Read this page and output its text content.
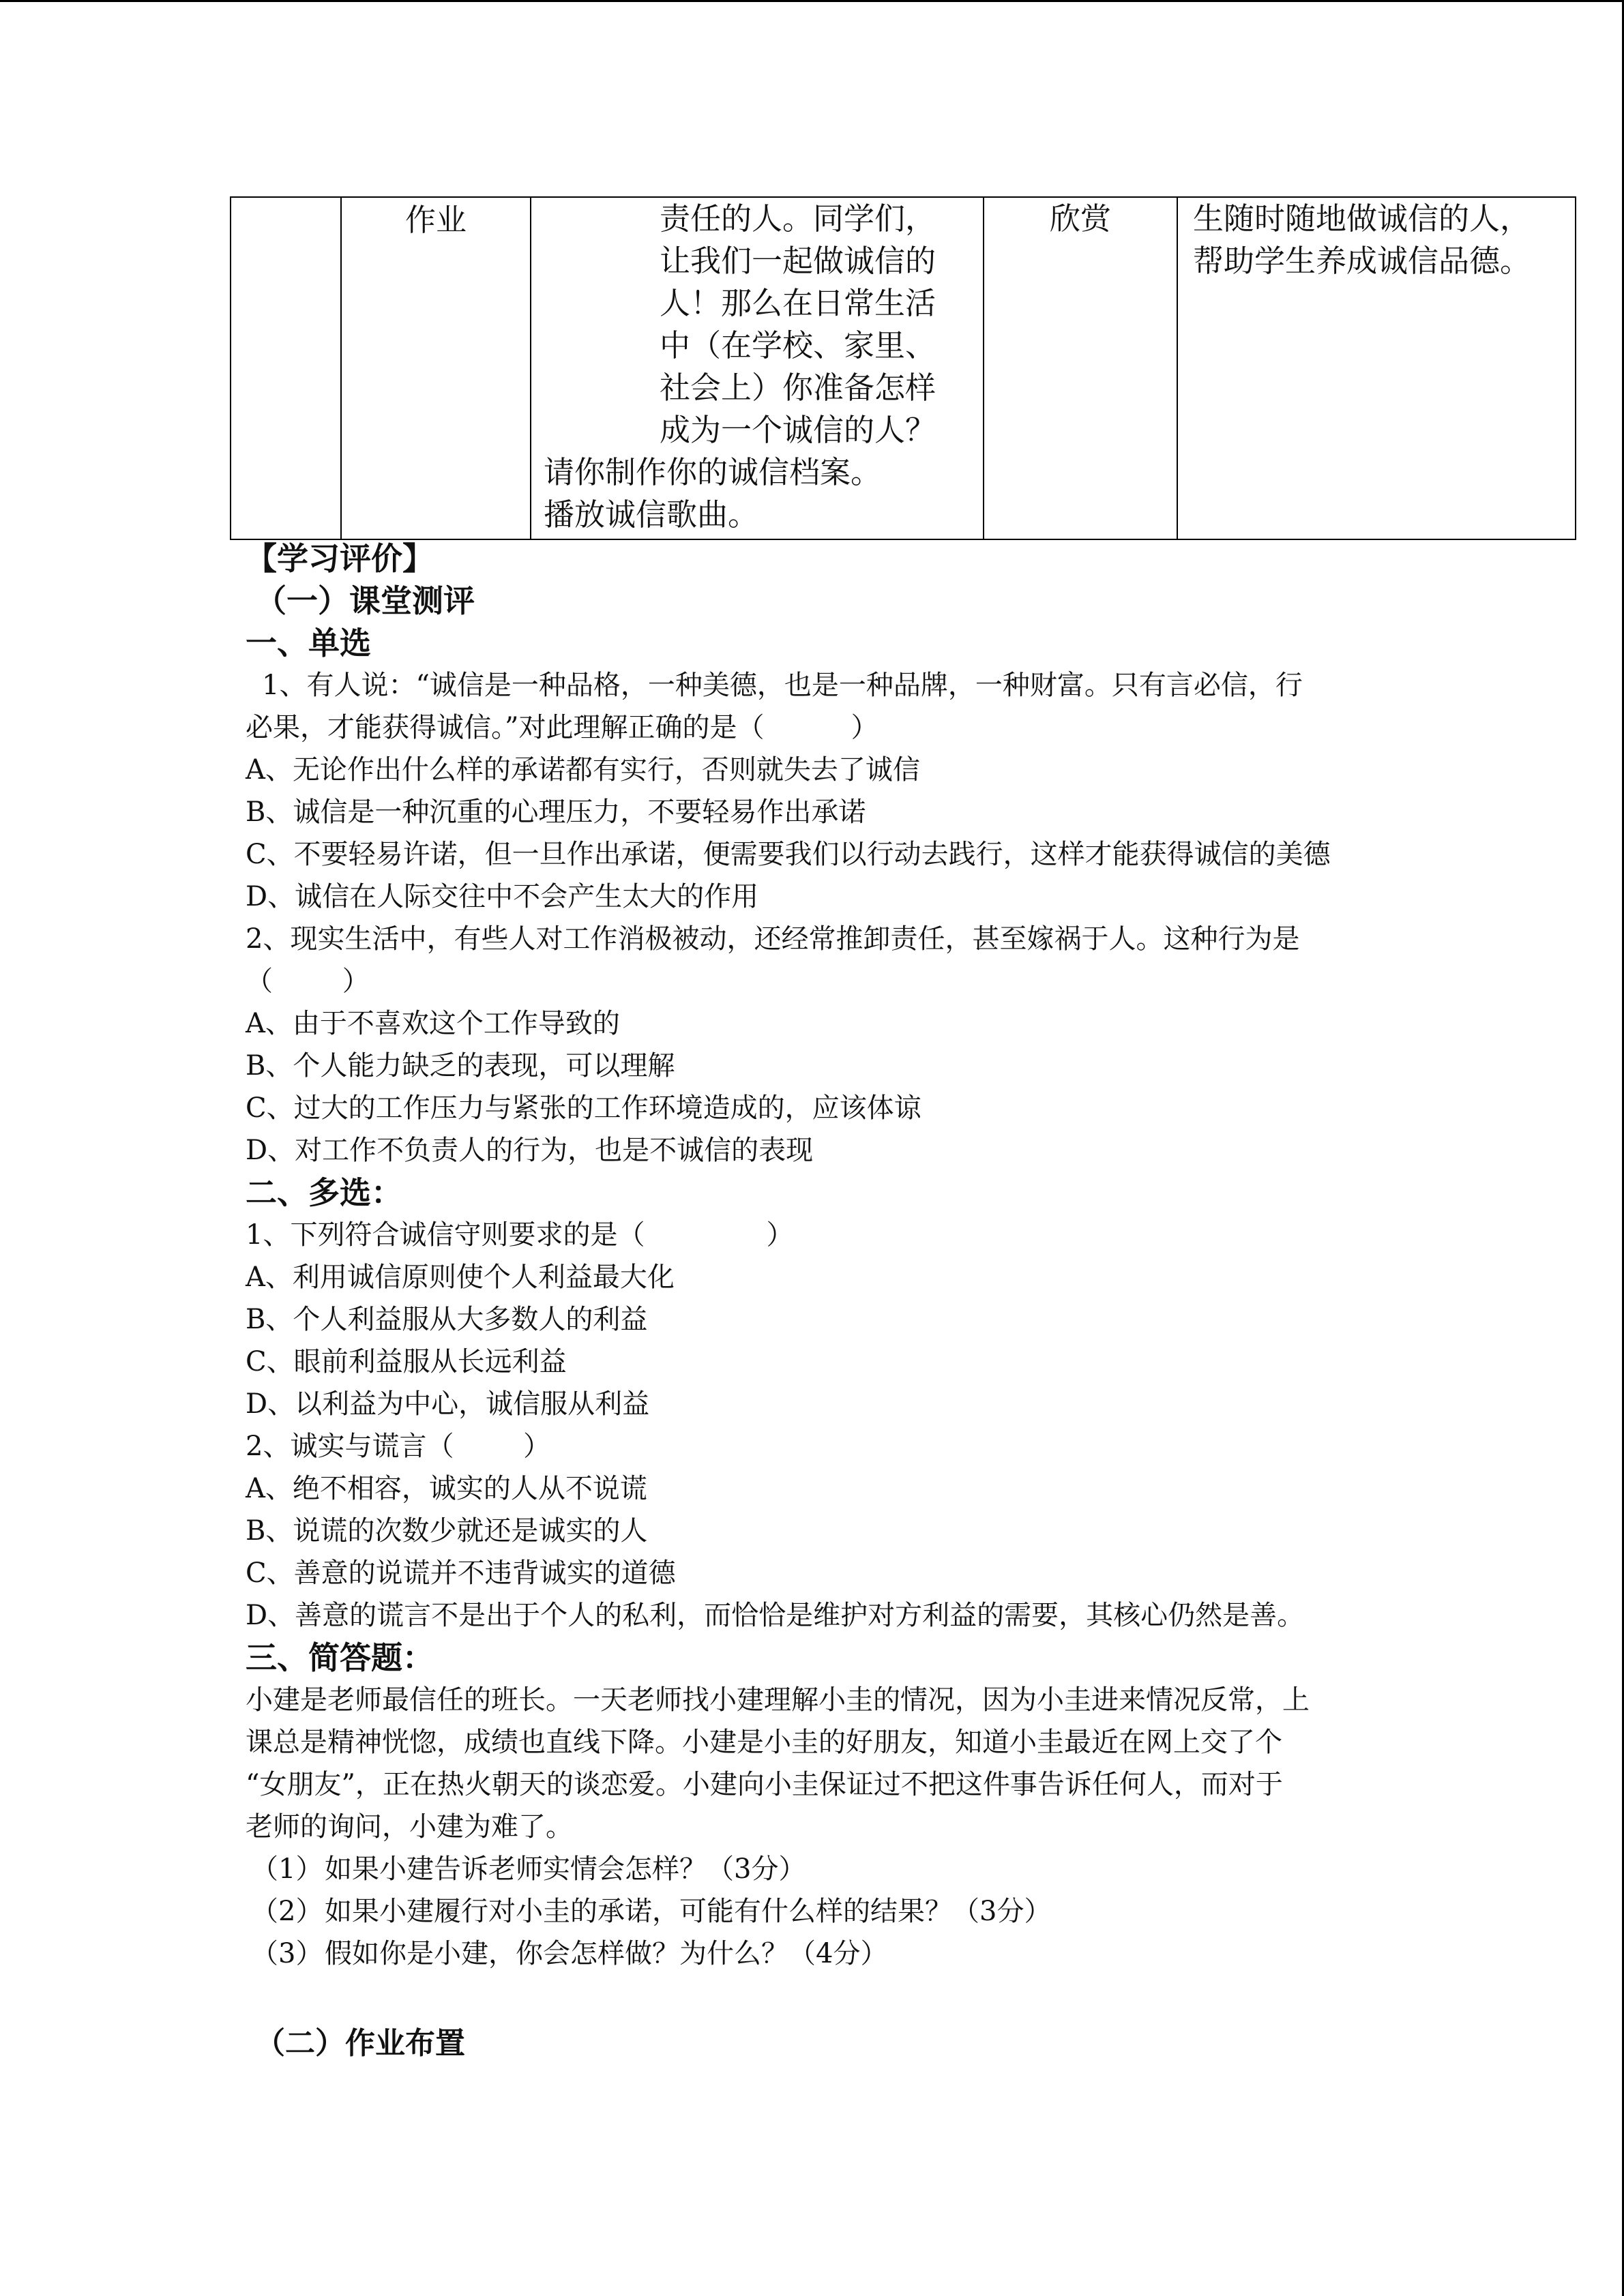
	作业	责任的人。同学们，
让我们一起做诚信的
人！那么在日常生活
中（在学校、家里、
社会上）你准备怎样
成为一个诚信的人？
请你制作你的诚信档案。
播放诚信歌曲。
	欣赏	生随时随地做诚信的人，
帮助学生养成诚信品德。
【学习评价】
（一）课堂测评
一、单选
1、有人说：“诚信是一种品格，一种美德，也是一种品牌，一种财富。只有言必信，行
必果，才能获得诚信。”对此理解正确的是（          ）
A、无论作出什么样的承诺都有实行，否则就失去了诚信
B、诚信是一种沉重的心理压力，不要轻易作出承诺
C、不要轻易许诺，但一旦作出承诺，便需要我们以行动去践行，这样才能获得诚信的美德
D、诚信在人际交往中不会产生太大的作用
2、现实生活中，有些人对工作消极被动，还经常推卸责任，甚至嫁祸于人。这种行为是
（        ）
A、由于不喜欢这个工作导致的
B、个人能力缺乏的表现，可以理解
C、过大的工作压力与紧张的工作环境造成的，应该体谅
D、对工作不负责人的行为，也是不诚信的表现
二、多选：
1、下列符合诚信守则要求的是（              ）
A、利用诚信原则使个人利益最大化
B、个人利益服从大多数人的利益
C、眼前利益服从长远利益
D、以利益为中心，诚信服从利益
2、诚实与谎言（        ）
A、绝不相容，诚实的人从不说谎
B、说谎的次数少就还是诚实的人
C、善意的说谎并不违背诚实的道德
D、善意的谎言不是出于个人的私利，而恰恰是维护对方利益的需要，其核心仍然是善。
三、简答题：
小建是老师最信任的班长。一天老师找小建理解小圭的情况，因为小圭进来情况反常，上
课总是精神恍惚，成绩也直线下降。小建是小圭的好朋友，知道小圭最近在网上交了个
“女朋友”，正在热火朝天的谈恋爱。小建向小圭保证过不把这件事告诉任何人，而对于
老师的询问，小建为难了。
（1） 如果小建告诉老师实情会怎样？（3分）
（2） 如果小建履行对小圭的承诺，可能有什么样的结果？（3分）
（3） 假如你是小建，你会怎样做？为什么？（4分）
（二）作业布置
